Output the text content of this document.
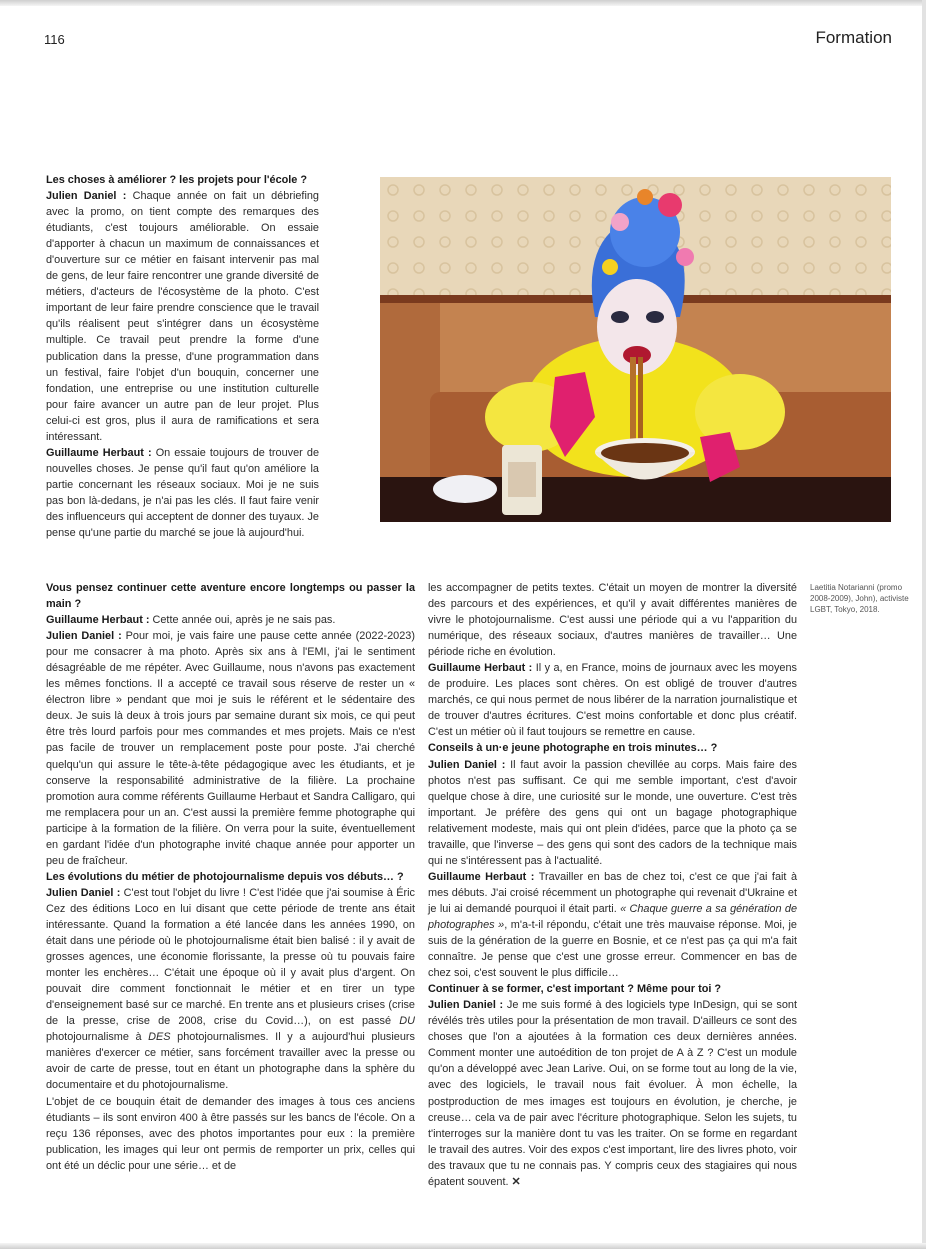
116	Formation

Les choses à améliorer ? les projets pour l'école ?

Julien Daniel : Chaque année on fait un débriefing avec la promo, on tient compte des remarques des étudiants, c'est toujours améliorable. On essaie d'apporter à chacun un maximum de connaissances et d'ouverture sur ce métier en faisant intervenir pas mal de gens, de leur faire rencontrer une grande diversité de métiers, d'acteurs de l'écosystème de la photo. C'est important de leur faire prendre conscience que le travail qu'ils réalisent peut s'intégrer dans un écosystème multiple. Ce travail peut prendre la forme d'une publication dans la presse, d'une programmation dans un festival, faire l'objet d'un bouquin, concerner une fondation, une entreprise ou une institution culturelle pour faire avancer un autre pan de leur projet. Plus celui-ci est gros, plus il aura de ramifications et sera intéressant.

Guillaume Herbaut : On essaie toujours de trouver de nouvelles choses. Je pense qu'il faut qu'on améliore la partie concernant les réseaux sociaux. Moi je ne suis pas bon là-dedans, je n'ai pas les clés. Il faut faire venir des influenceurs qui acceptent de donner des tuyaux. Je pense qu'une partie du marché se joue là aujourd'hui.

Laetitia Notarianni (promo 2008-2009), John), activiste LGBT, Tokyo, 2018.

Vous pensez continuer cette aventure encore longtemps ou passer la main ?

Guillaume Herbaut : Cette année oui, après je ne sais pas.

Julien Daniel : Pour moi, je vais faire une pause cette année (2022-2023) pour me consacrer à ma photo. Après six ans à l'EMI, j'ai le sentiment désagréable de me répéter. Avec Guillaume, nous n'avons pas exactement les mêmes fonctions. Il a accepté ce travail sous réserve de rester un « électron libre » pendant que moi je suis le référent et le sédentaire des deux. Je suis là deux à trois jours par semaine durant six mois, ce qui peut être très lourd parfois pour mes commandes et mes projets. Mais ce n'est pas facile de trouver un remplacement poste pour poste. J'ai cherché quelqu'un qui assure le tête-à-tête pédagogique avec les étudiants, et je conserve la responsabilité administrative de la filière. La prochaine promotion aura comme référents Guillaume Herbaut et Sandra Calligaro, qui me remplacera pour un an. C'est aussi la première femme photographe qui participe à la formation de la filière. On verra pour la suite, éventuellement en gardant l'idée d'un photographe invité chaque année pour apporter un peu de fraîcheur.

Les évolutions du métier de photojournalisme depuis vos débuts… ?

Julien Daniel : C'est tout l'objet du livre ! C'est l'idée que j'ai soumise à Éric Cez des éditions Loco en lui disant que cette période de trente ans était intéressante. Quand la formation a été lancée dans les années 1990, on était dans une période où le photojournalisme était bien balisé : il y avait de grosses agences, une économie florissante, la presse où tu pouvais faire monter les enchères… C'était une époque où il y avait plus d'argent. On pouvait dire comment fonctionnait le métier et en tirer un type d'enseignement basé sur ce marché. En trente ans et plusieurs crises (crise de la presse, crise de 2008, crise du Covid…), on est passé DU photojournalisme à DES photojournalismes. Il y a aujourd'hui plusieurs manières d'exercer ce métier, sans forcément travailler avec la presse ou avoir de carte de presse, tout en étant un photographe dans la sphère du documentaire et du photojournalisme.

L'objet de ce bouquin était de demander des images à tous ces anciens étudiants – ils sont environ 400 à être passés sur les bancs de l'école. On a reçu 136 réponses, avec des photos importantes pour eux : la première publication, les images qui leur ont permis de remporter un prix, celles qui ont été un déclic pour une série… et de

les accompagner de petits textes. C'était un moyen de montrer la diversité des parcours et des expériences, et qu'il y avait différentes manières de vivre le photojournalisme. C'est aussi une période qui a vu l'apparition du numérique, des réseaux sociaux, d'autres manières de travailler… Une période riche en évolution.

Guillaume Herbaut : Il y a, en France, moins de journaux avec les moyens de produire. Les places sont chères. On est obligé de trouver d'autres marchés, ce qui nous permet de nous libérer de la narration journalistique et de trouver d'autres écritures. C'est moins confortable et donc plus créatif. C'est un métier où il faut toujours se remettre en cause.

Conseils à un·e jeune photographe en trois minutes… ?

Julien Daniel : Il faut avoir la passion chevillée au corps. Mais faire des photos n'est pas suffisant. Ce qui me semble important, c'est d'avoir quelque chose à dire, une curiosité sur le monde, une ouverture. C'est très important. Je préfère des gens qui ont un bagage photographique relativement modeste, mais qui ont plein d'idées, parce que la photo ça se travaille, que l'inverse – des gens qui sont des cadors de la technique mais qui ne s'intéressent pas à l'actualité.

Guillaume Herbaut : Travailler en bas de chez toi, c'est ce que j'ai fait à mes débuts. J'ai croisé récemment un photographe qui revenait d'Ukraine et je lui ai demandé pourquoi il était parti. « Chaque guerre a sa génération de photographes », m'a-t-il répondu, c'était une très mauvaise réponse. Moi, je suis de la génération de la guerre en Bosnie, et ce n'est pas ça qui m'a fait connaître. Je pense que c'est une grosse erreur. Commencer en bas de chez soi, c'est souvent le plus difficile…

Continuer à se former, c'est important ? Même pour toi ?

Julien Daniel : Je me suis formé à des logiciels type InDesign, qui se sont révélés très utiles pour la présentation de mon travail. D'ailleurs ce sont des choses que l'on a ajoutées à la formation ces deux dernières années. Comment monter une autoédition de ton projet de A à Z ? C'est un module qu'on a développé avec Jean Larive. Oui, on se forme tout au long de la vie, avec des logiciels, le travail nous fait évoluer. À mon échelle, la postproduction de mes images est toujours en évolution, je cherche, je creuse… cela va de pair avec l'écriture photographique. Selon les sujets, tu t'interroges sur la manière dont tu vas les traiter. On se forme en regardant le travail des autres. Voir des expos c'est important, lire des livres photo, voir des travaux que tu ne connais pas. Y compris ceux des stagiaires qui nous épatent souvent. ✕
